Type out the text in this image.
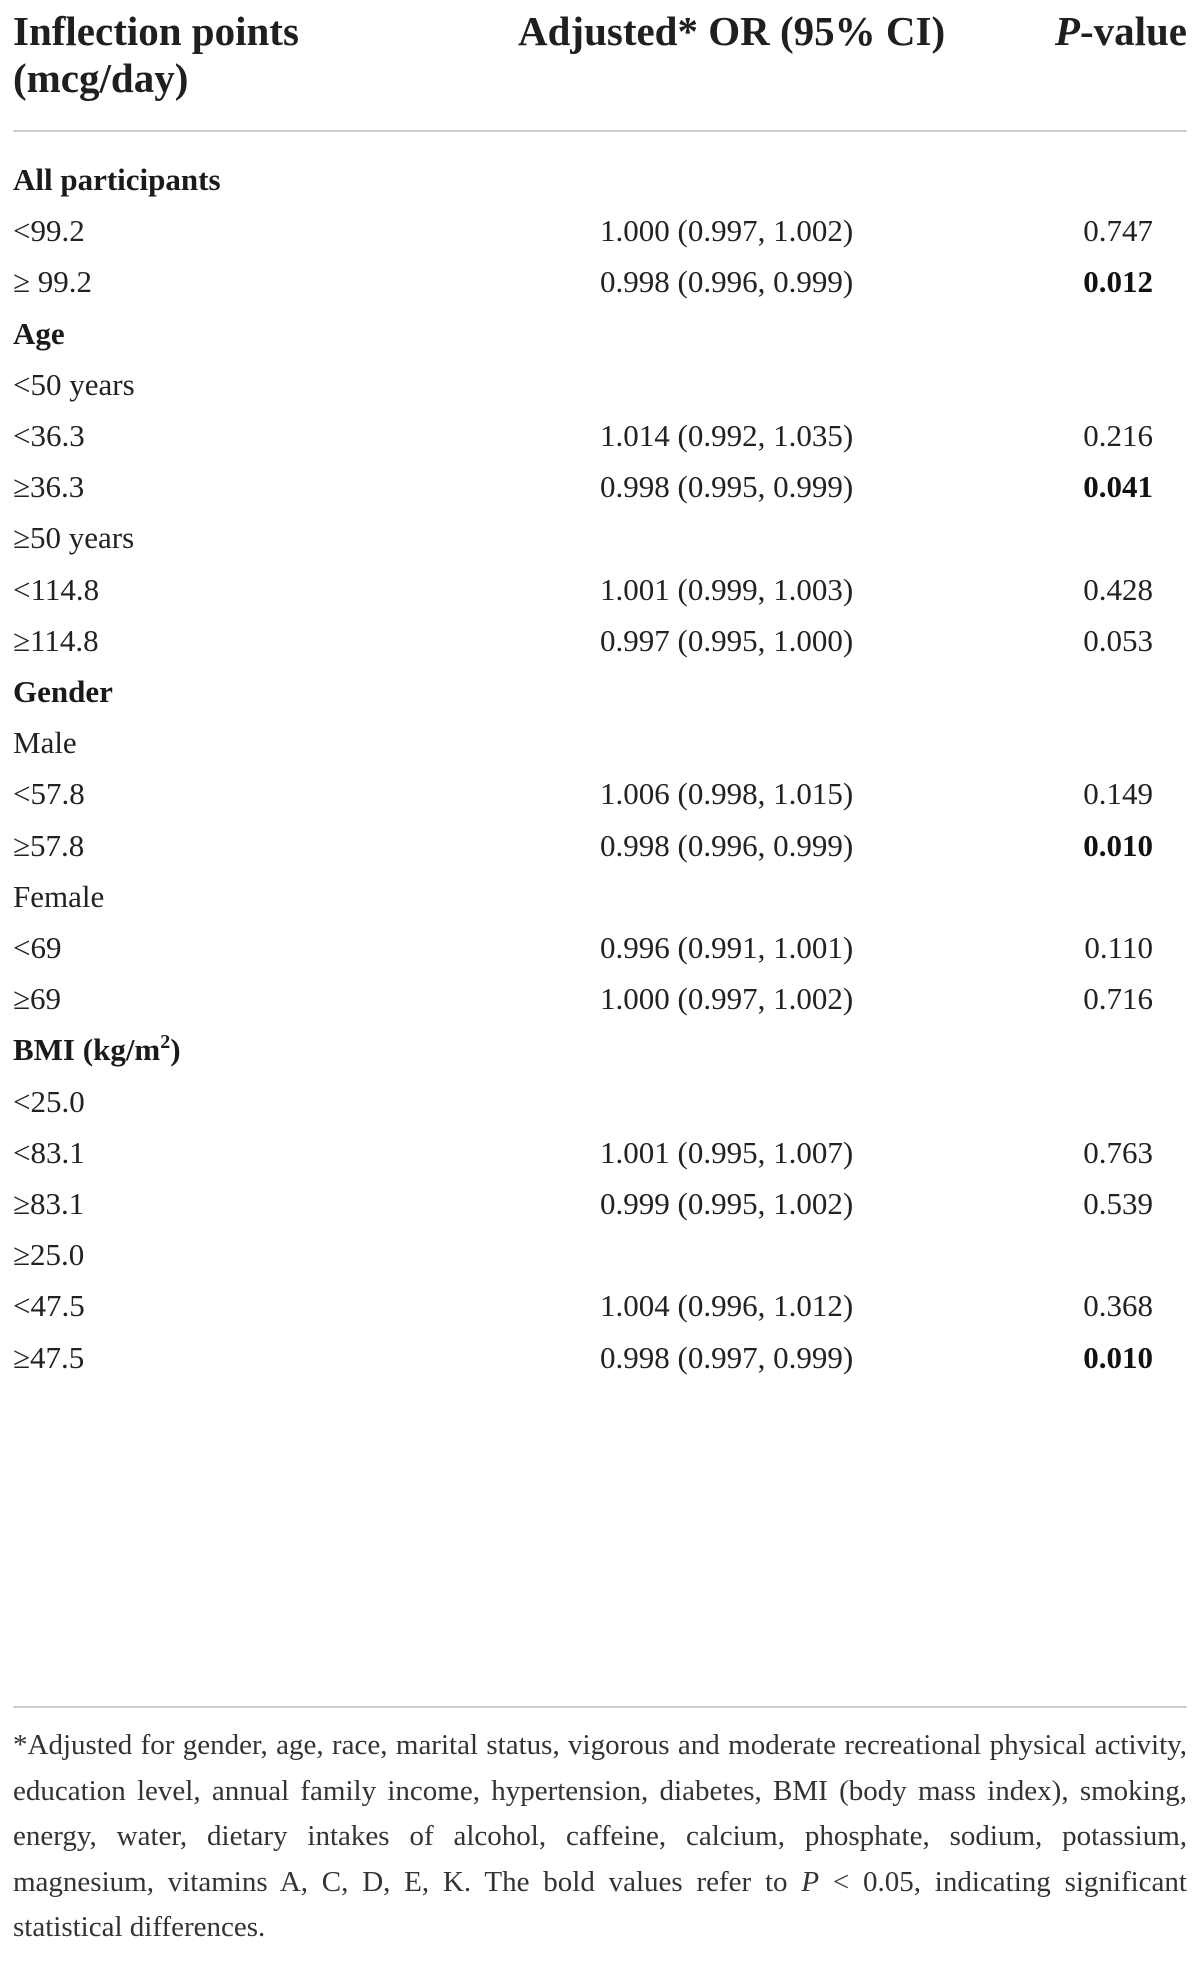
Inflection points
(mcg/day)
Adjusted* OR (95% CI)	P-value
All participants
<99.2	1.000 (0.997, 1.002)	0.747
≥ 99.2	0.998 (0.996, 0.999)	0.012
Age
<50 years
<36.3	1.014 (0.992, 1.035)	0.216
≥36.3	0.998 (0.995, 0.999)	0.041
≥50 years
<114.8	1.001 (0.999, 1.003)	0.428
≥114.8	0.997 (0.995, 1.000)	0.053
Gender
Male
<57.8	1.006 (0.998, 1.015)	0.149
≥57.8	0.998 (0.996, 0.999)	0.010
Female
<69	0.996 (0.991, 1.001)	0.110
≥69	1.000 (0.997, 1.002)	0.716
BMI $(kg/m^2)$
<25.0
<83.1	1.001 (0.995, 1.007)	0.763
≥83.1	0.999 (0.995, 1.002)	0.539
≥25.0
<47.5	1.004 (0.996, 1.012)	0.368
≥47.5	0.998 (0.997, 0.999)	0.010
*Adjusted for gender, age, race, marital status, vigorous and moderate recreational physical activity, education level, annual family income, hypertension, diabetes, BMI (body mass index), smoking, energy, water, dietary intakes of alcohol, caffeine, calcium, phosphate, sodium, potassium, magnesium, vitamins A, C, D, E, K. The bold values refer to P < 0.05, indicating significant statistical differences.
